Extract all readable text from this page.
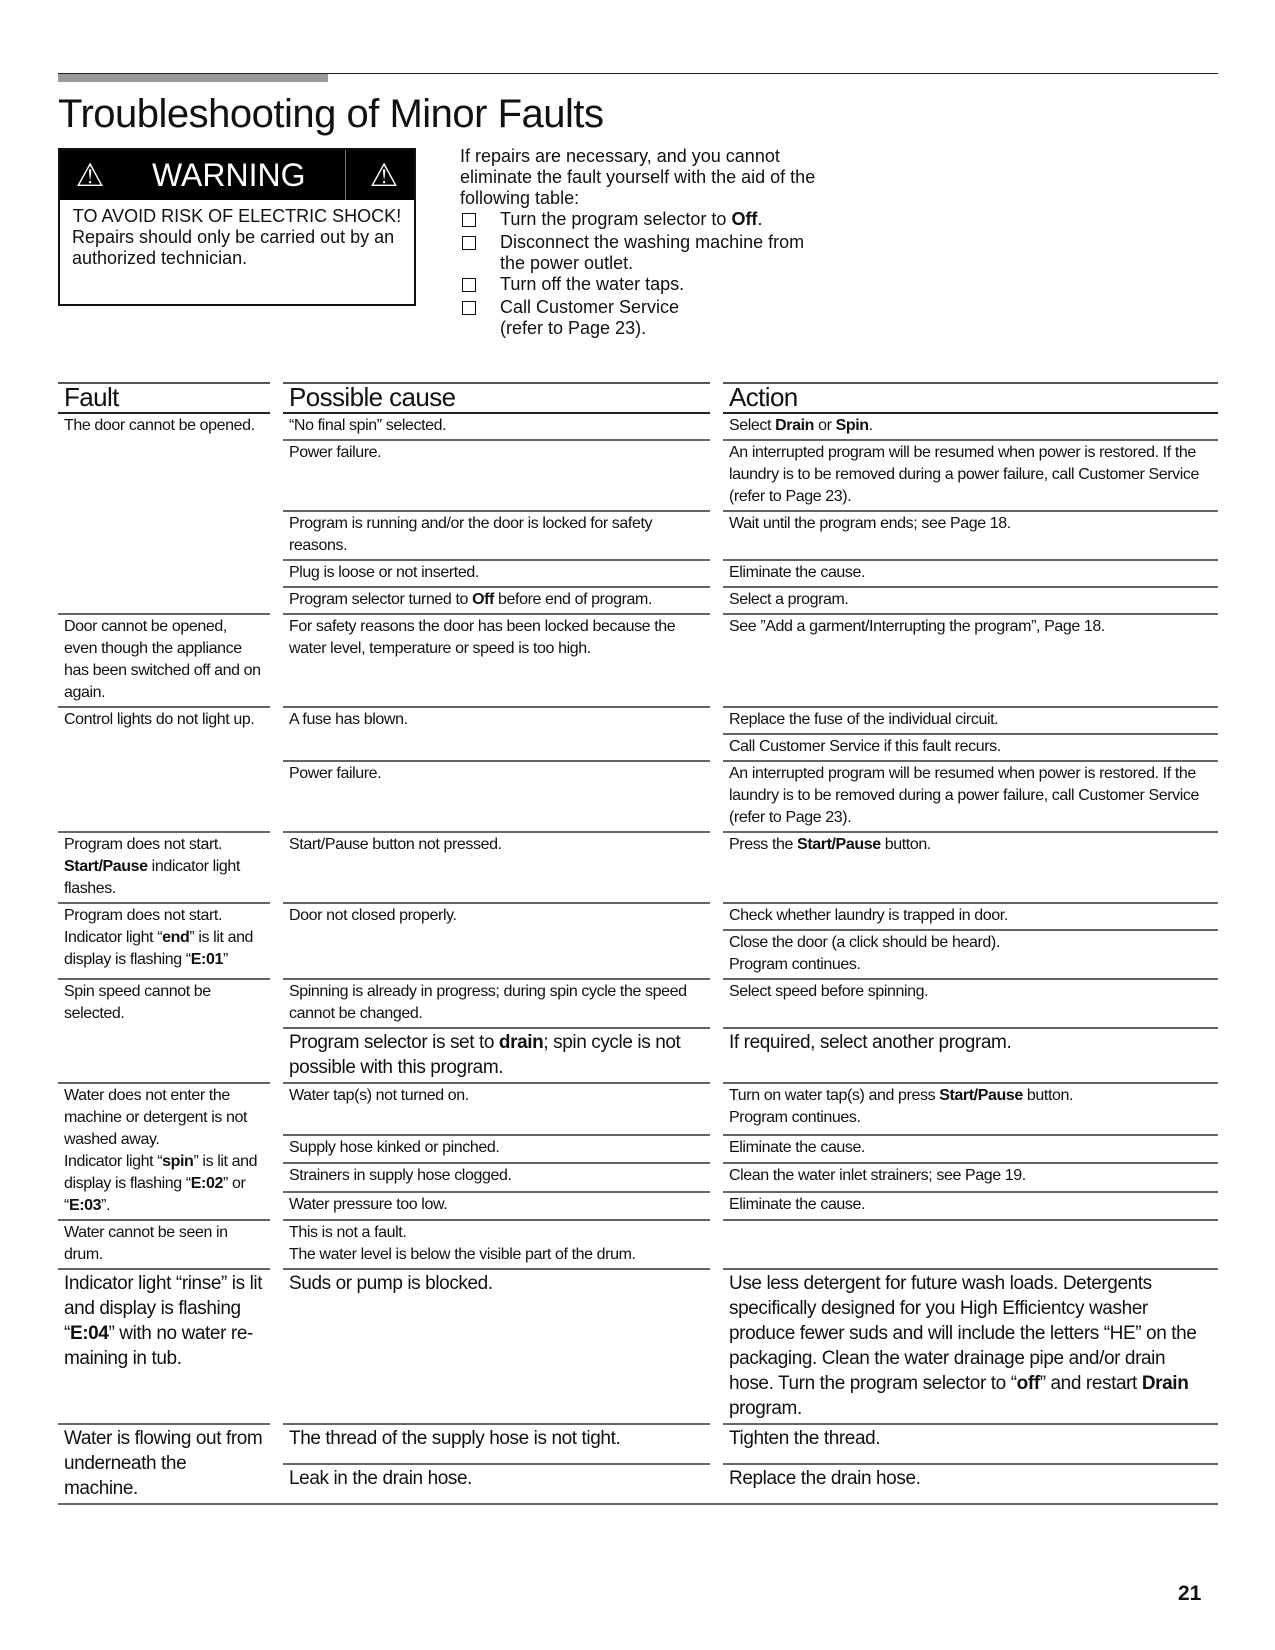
Troubleshooting of Minor Faults
⚠	WARNING	⚠
TO AVOID RISK OF ELECTRIC SHOCK!
Repairs should only be carried out by an authorized technician.
If repairs are necessary, and you cannot eliminate the fault yourself with the aid of the following table:
Turn the program selector to Off.
Disconnect the washing machine from the power outlet.
Turn off the water taps.
Call Customer Service
(refer to Page 23).
Fault	Possible cause	Action
The door cannot be opened.	“No final spin” selected.	Select Drain or Spin.
	Power failure.	An interrupted program will be resumed when power is restored. If the laundry is to be removed during a power failure, call Customer Service
(refer to Page 23).
	Program is running and/or the door is locked for safety reasons.	Wait until the program ends; see Page 18.
	Plug is loose or not inserted.	Eliminate the cause.
	Program selector turned to Off before end of program.	Select a program.
Door cannot be opened, even though the appliance has been switched off and on again.	For safety reasons the door has been locked because the water level, temperature or speed is too high.	See ”Add a garment/Interrupting the program”, Page 18.
Control lights do not light up.	A fuse has blown.	Replace the fuse of the individual circuit.
		Call Customer Service if this fault recurs.
	Power failure.	An interrupted program will be resumed when power is restored. If the laundry is to be removed during a power failure, call Customer Service
(refer to Page 23).
Program does not start.
Start/Pause indicator light flashes.	Start/Pause button not pressed.	Press the Start/Pause button.
Program does not start.
Indicator light “end” is lit and display is flashing “E:01”	Door not closed properly.	Check whether laundry is trapped in door.
		Close the door (a click should be heard).
Program continues.
Spin speed cannot be selected.	Spinning is already in progress; during spin cycle the speed cannot be changed.	Select speed before spinning.
	Program selector is set to drain; spin cycle is not possible with this program.	If required, select another program.
Water does not enter the machine or detergent is not washed away.
Indicator light “spin” is lit and display is flashing “E:02” or “E:03”.	Water tap(s) not turned on.	Turn on water tap(s) and press Start/Pause button.
Program continues.
	Supply hose kinked or pinched.	Eliminate the cause.
	Strainers in supply hose clogged.	Clean the water inlet strainers; see Page 19.
	Water pressure too low.	Eliminate the cause.
Water cannot be seen in drum.	This is not a fault.
The water level is below the visible part of the drum.	
Indicator light “rinse” is lit and display is flashing “E:04” with no water re-maining in tub.	Suds or pump is blocked.	Use less detergent for future wash loads. Detergents specifically designed for you High Efficientcy washer produce fewer suds and will include the letters “HE” on the packaging. Clean the water drainage pipe and/or drain hose. Turn the program selector to “off” and restart Drain program.
Water is flowing out from underneath the machine.	The thread of the supply hose is not tight.	Tighten the thread.
	Leak in the drain hose.	Replace the drain hose.
21
